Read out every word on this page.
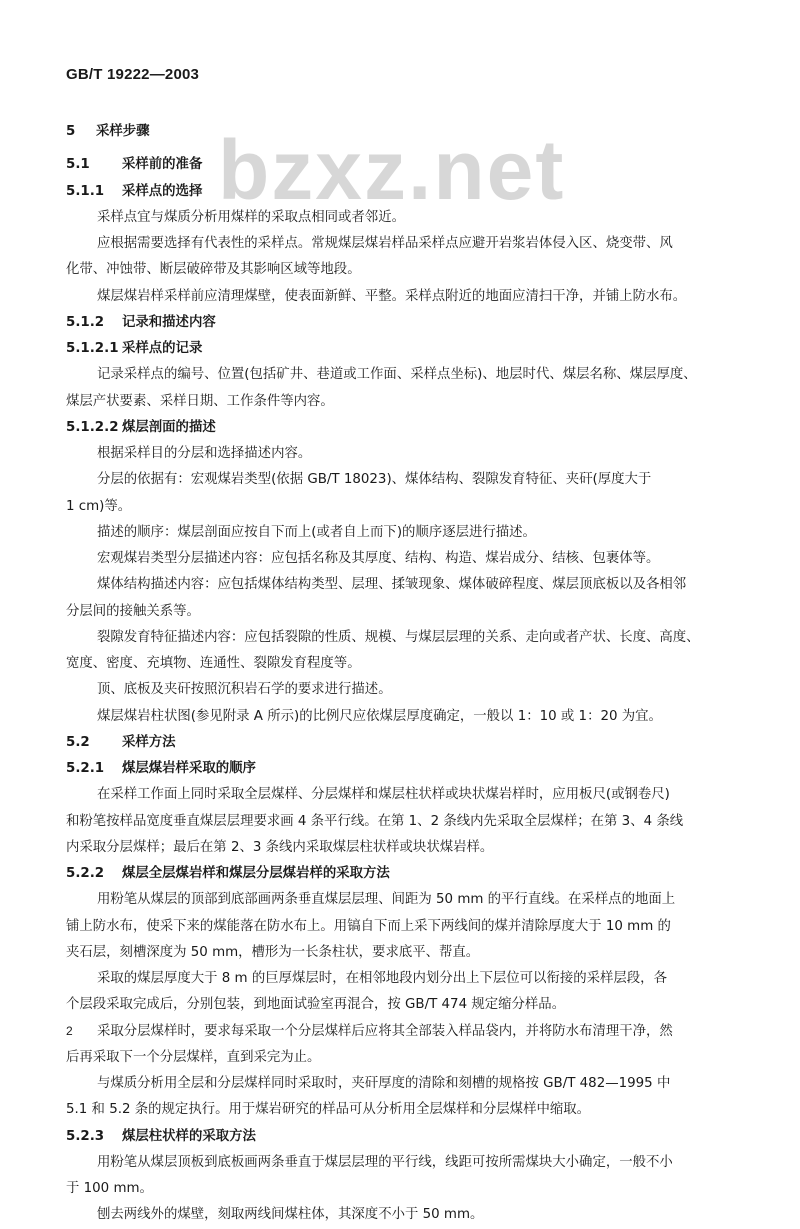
GB/T 19222—2003
bzxz.net
5 采样步骤
5.1 采样前的准备
5.1.1 采样点的选择
采样点宜与煤质分析用煤样的采取点相同或者邻近。
应根据需要选择有代表性的采样点。常规煤层煤岩样品采样点应避开岩浆岩体侵入区、烧变带、风
化带、冲蚀带、断层破碎带及其影响区域等地段。
煤层煤岩样采样前应清理煤壁，使表面新鲜、平整。采样点附近的地面应清扫干净，并铺上防水布。
5.1.2 记录和描述内容
5.1.2.1 采样点的记录
记录采样点的编号、位置(包括矿井、巷道或工作面、采样点坐标)、地层时代、煤层名称、煤层厚度、
煤层产状要素、采样日期、工作条件等内容。
5.1.2.2 煤层剖面的描述
根据采样目的分层和选择描述内容。
分层的依据有：宏观煤岩类型(依据 GB/T 18023)、煤体结构、裂隙发育特征、夹矸(厚度大于
1 cm)等。
描述的顺序：煤层剖面应按自下而上(或者自上而下)的顺序逐层进行描述。
宏观煤岩类型分层描述内容：应包括名称及其厚度、结构、构造、煤岩成分、结核、包裹体等。
煤体结构描述内容：应包括煤体结构类型、层理、揉皱现象、煤体破碎程度、煤层顶底板以及各相邻
分层间的接触关系等。
裂隙发育特征描述内容：应包括裂隙的性质、规模、与煤层层理的关系、走向或者产状、长度、高度、
宽度、密度、充填物、连通性、裂隙发育程度等。
顶、底板及夹矸按照沉积岩石学的要求进行描述。
煤层煤岩柱状图(参见附录 A 所示)的比例尺应依煤层厚度确定，一般以 1：10 或 1：20 为宜。
5.2 采样方法
5.2.1 煤层煤岩样采取的顺序
在采样工作面上同时采取全层煤样、分层煤样和煤层柱状样或块状煤岩样时，应用板尺(或钢卷尺)
和粉笔按样品宽度垂直煤层层理要求画 4 条平行线。在第 1、2 条线内先采取全层煤样；在第 3、4 条线
内采取分层煤样；最后在第 2、3 条线内采取煤层柱状样或块状煤岩样。
5.2.2 煤层全层煤岩样和煤层分层煤岩样的采取方法
用粉笔从煤层的顶部到底部画两条垂直煤层层理、间距为 50 mm 的平行直线。在采样点的地面上
铺上防水布，使采下来的煤能落在防水布上。用镐自下而上采下两线间的煤并清除厚度大于 10 mm 的
夹石层，刻槽深度为 50 mm，槽形为一长条柱状，要求底平、帮直。
采取的煤层厚度大于 8 m 的巨厚煤层时，在相邻地段内划分出上下层位可以衔接的采样层段，各
个层段采取完成后，分别包装，到地面试验室再混合，按 GB/T 474 规定缩分样品。
采取分层煤样时，要求每采取一个分层煤样后应将其全部装入样品袋内，并将防水布清理干净，然
后再采取下一个分层煤样，直到采完为止。
与煤质分析用全层和分层煤样同时采取时，夹矸厚度的清除和刻槽的规格按 GB/T 482—1995 中
5.1 和 5.2 条的规定执行。用于煤岩研究的样品可从分析用全层煤样和分层煤样中缩取。
5.2.3 煤层柱状样的采取方法
用粉笔从煤层顶板到底板画两条垂直于煤层层理的平行线，线距可按所需煤块大小确定，一般不小
于 100 mm。
刨去两线外的煤壁，刻取两线间煤柱体，其深度不小于 50 mm。
2
